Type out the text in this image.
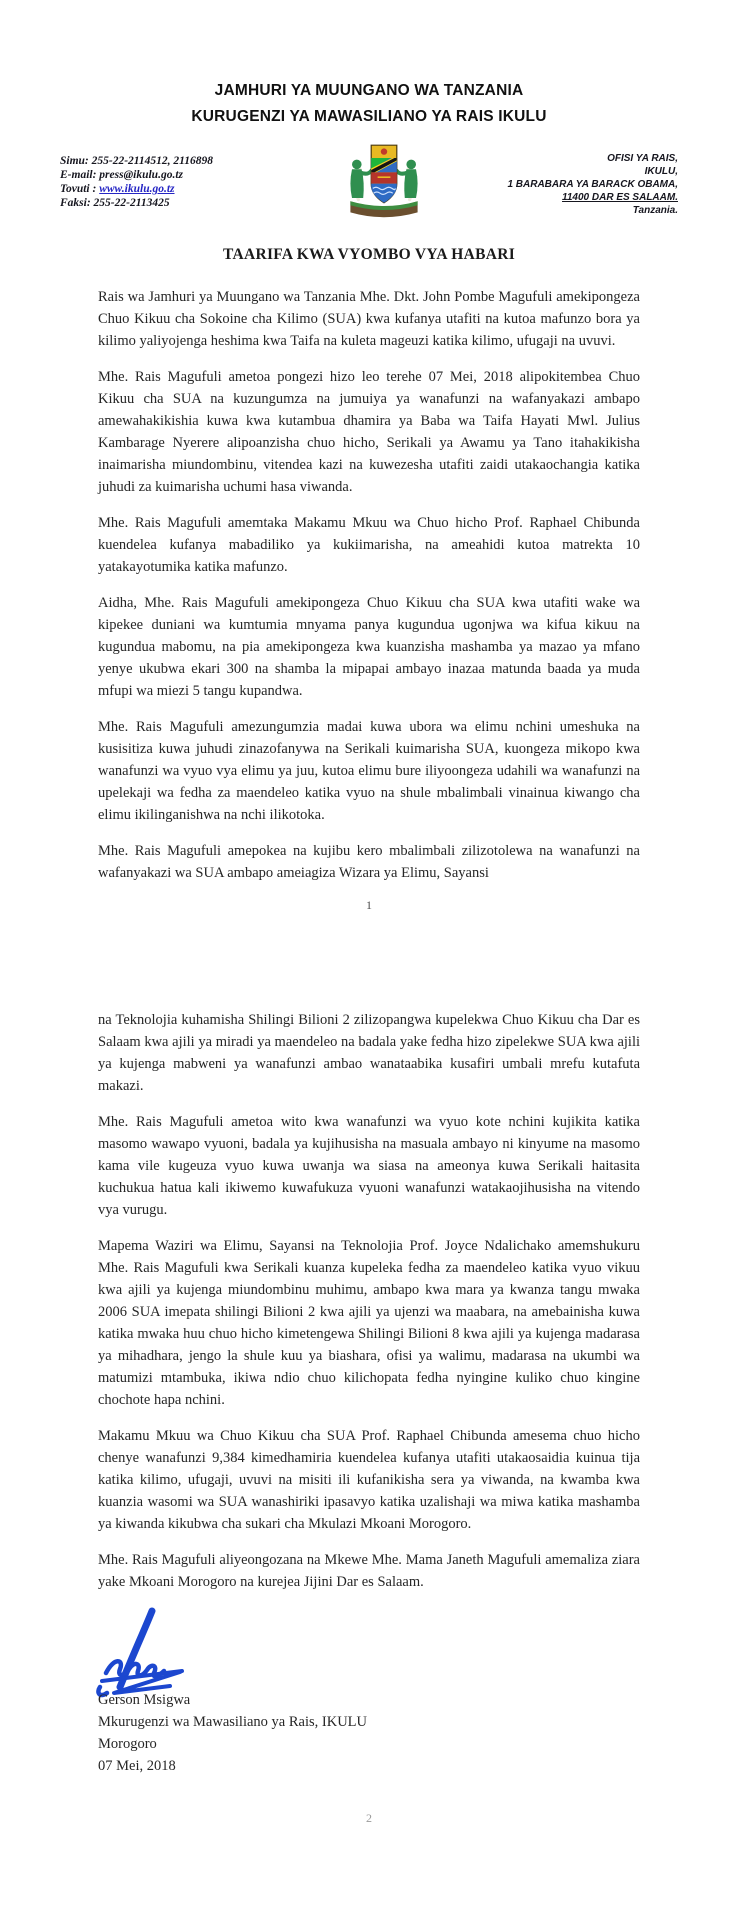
JAMHURI YA MUUNGANO WA TANZANIA
KURUGENZI YA MAWASILIANO YA RAIS IKULU
Simu: 255-22-2114512, 2116898
E-mail: press@ikulu.go.tz
Tovuti : www.ikulu.go.tz
Faksi: 255-22-2113425
OFISI YA RAIS,
IKULU,
1 BARABARA YA BARACK OBAMA,
11400 DAR ES SALAAM.
Tanzania.
TAARIFA KWA VYOMBO VYA HABARI

Rais wa Jamhuri ya Muungano wa Tanzania Mhe. Dkt. John Pombe Magufuli amekipongeza Chuo Kikuu cha Sokoine cha Kilimo (SUA) kwa kufanya utafiti na kutoa mafunzo bora ya kilimo yaliyojenga heshima kwa Taifa na kuleta mageuzi katika kilimo, ufugaji na uvuvi.

Mhe. Rais Magufuli ametoa pongezi hizo leo terehe 07 Mei, 2018 alipokitembea Chuo Kikuu cha SUA na kuzungumza na jumuiya ya wanafunzi na wafanyakazi ambapo amewahakikishia kuwa kwa kutambua dhamira ya Baba wa Taifa Hayati Mwl. Julius Kambarage Nyerere alipoanzisha chuo hicho, Serikali ya Awamu ya Tano itahakikisha inaimarisha miundombinu, vitendea kazi na kuwezesha utafiti zaidi utakaochangia katika juhudi za kuimarisha uchumi hasa viwanda.

Mhe. Rais Magufuli amemtaka Makamu Mkuu wa Chuo hicho Prof. Raphael Chibunda kuendelea kufanya mabadiliko ya kukiimarisha, na ameahidi kutoa matrekta 10 yatakayotumika katika mafunzo.

Aidha, Mhe. Rais Magufuli amekipongeza Chuo Kikuu cha SUA kwa utafiti wake wa kipekee duniani wa kumtumia mnyama panya kugundua ugonjwa wa kifua kikuu na kugundua mabomu, na pia amekipongeza kwa kuanzisha mashamba ya mazao ya mfano yenye ukubwa ekari 300 na shamba la mipapai ambayo inazaa matunda baada ya muda mfupi wa miezi 5 tangu kupandwa.

Mhe. Rais Magufuli amezungumzia madai kuwa ubora wa elimu nchini umeshuka na kusisitiza kuwa juhudi zinazofanywa na Serikali kuimarisha SUA, kuongeza mikopo kwa wanafunzi wa vyuo vya elimu ya juu, kutoa elimu bure iliyoongeza udahili wa wanafunzi na upelekaji wa fedha za maendeleo katika vyuo na shule mbalimbali vinainua kiwango cha elimu ikilinganishwa na nchi ilikotoka.

Mhe. Rais Magufuli amepokea na kujibu kero mbalimbali zilizotolewa na wanafunzi na wafanyakazi wa SUA ambapo ameiagiza Wizara ya Elimu, Sayansi

1

na Teknolojia kuhamisha Shilingi Bilioni 2 zilizopangwa kupelekwa Chuo Kikuu cha Dar es Salaam kwa ajili ya miradi ya maendeleo na badala yake fedha hizo zipelekwe SUA kwa ajili ya kujenga mabweni ya wanafunzi ambao wanataabika kusafiri umbali mrefu kutafuta makazi.

Mhe. Rais Magufuli ametoa wito kwa wanafunzi wa vyuo kote nchini kujikita katika masomo wawapo vyuoni, badala ya kujihusisha na masuala ambayo ni kinyume na masomo kama vile kugeuza vyuo kuwa uwanja wa siasa na ameonya kuwa Serikali haitasita kuchukua hatua kali ikiwemo kuwafukuza vyuoni wanafunzi watakaojihusisha na vitendo vya vurugu.

Mapema Waziri wa Elimu, Sayansi na Teknolojia Prof. Joyce Ndalichako amemshukuru Mhe. Rais Magufuli kwa Serikali kuanza kupeleka fedha za maendeleo katika vyuo vikuu kwa ajili ya kujenga miundombinu muhimu, ambapo kwa mara ya kwanza tangu mwaka 2006 SUA imepata shilingi Bilioni 2 kwa ajili ya ujenzi wa maabara, na amebainisha kuwa katika mwaka huu chuo hicho kimetengewa Shilingi Bilioni 8 kwa ajili ya kujenga madarasa ya mihadhara, jengo la shule kuu ya biashara, ofisi ya walimu, madarasa na ukumbi wa matumizi mtambuka, ikiwa ndio chuo kilichopata fedha nyingine kuliko chuo kingine chochote hapa nchini.

Makamu Mkuu wa Chuo Kikuu cha SUA Prof. Raphael Chibunda amesema chuo hicho chenye wanafunzi 9,384 kimedhamiria kuendelea kufanya utafiti utakaosaidia kuinua tija katika kilimo, ufugaji, uvuvi na misiti ili kufanikisha sera ya viwanda, na kwamba kwa kuanzia wasomi wa SUA wanashiriki ipasavyo katika uzalishaji wa miwa katika mashamba ya kiwanda kikubwa cha sukari cha Mkulazi Mkoani Morogoro.

Mhe. Rais Magufuli aliyeongozana na Mkewe Mhe. Mama Janeth Magufuli amemaliza ziara yake Mkoani Morogoro na kurejea Jijini Dar es Salaam.

Gerson Msigwa
Mkurugenzi wa Mawasiliano ya Rais, IKULU
Morogoro
07 Mei, 2018
2
